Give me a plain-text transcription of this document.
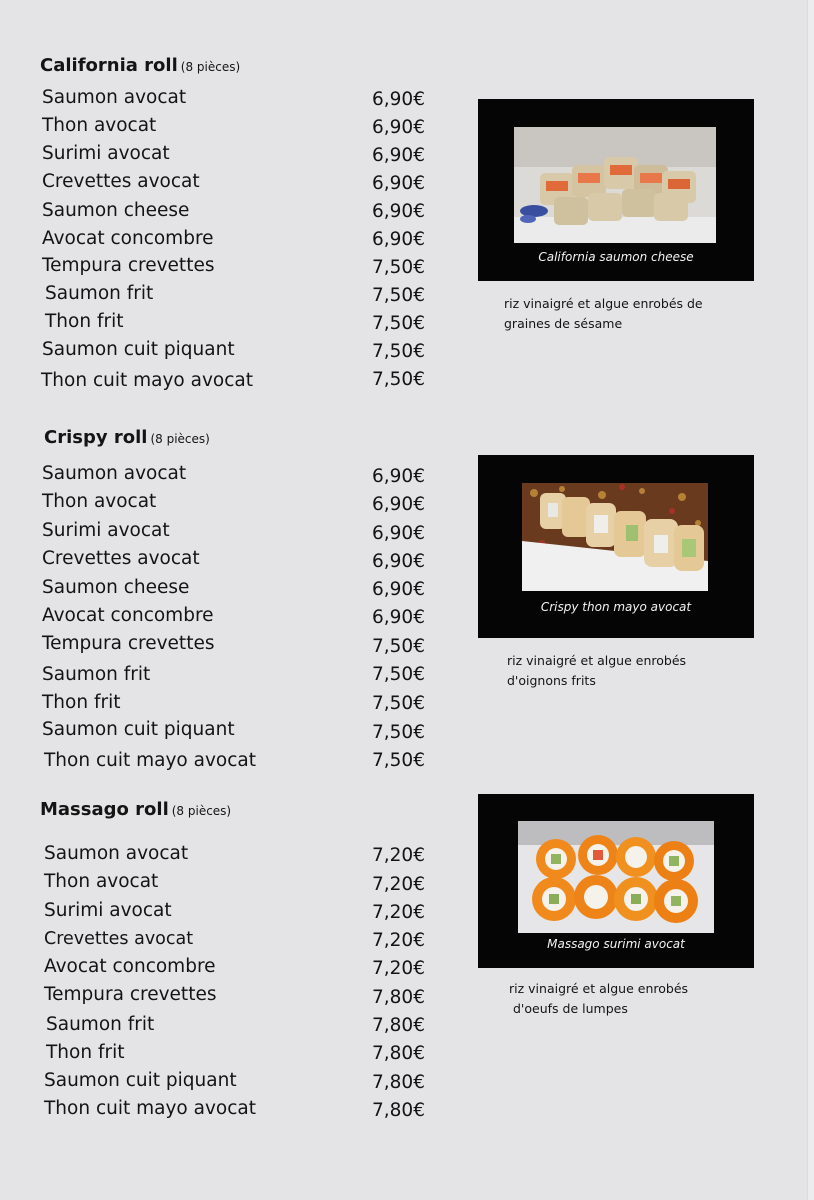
California roll (8 pièces)
Saumon avocat	6,90€
Thon avocat	6,90€
Surimi avocat	6,90€
Crevettes avocat	6,90€
Saumon cheese	6,90€
Avocat concombre	6,90€
Tempura crevettes	7,50€
Saumon frit	7,50€
Thon frit	7,50€
Saumon cuit piquant	7,50€
Thon cuit mayo avocat	7,50€
California saumon cheese
riz vinaigré et algue enrobés de
graines de sésame
Crispy roll (8 pièces)
Saumon avocat	6,90€
Thon avocat	6,90€
Surimi avocat	6,90€
Crevettes avocat	6,90€
Saumon cheese	6,90€
Avocat concombre	6,90€
Tempura crevettes	7,50€
Saumon frit	7,50€
Thon frit	7,50€
Saumon cuit piquant	7,50€
Thon cuit mayo avocat	7,50€
Crispy thon mayo avocat
riz vinaigré et algue enrobés
d'oignons frits
Massago roll (8 pièces)
Saumon avocat	7,20€
Thon avocat	7,20€
Surimi avocat	7,20€
Crevettes avocat	7,20€
Avocat concombre	7,20€
Tempura crevettes	7,80€
Saumon frit	7,80€
Thon frit	7,80€
Saumon cuit piquant	7,80€
Thon cuit mayo avocat	7,80€
Massago surimi avocat
riz vinaigré et algue enrobés
d'oeufs de lumpes
